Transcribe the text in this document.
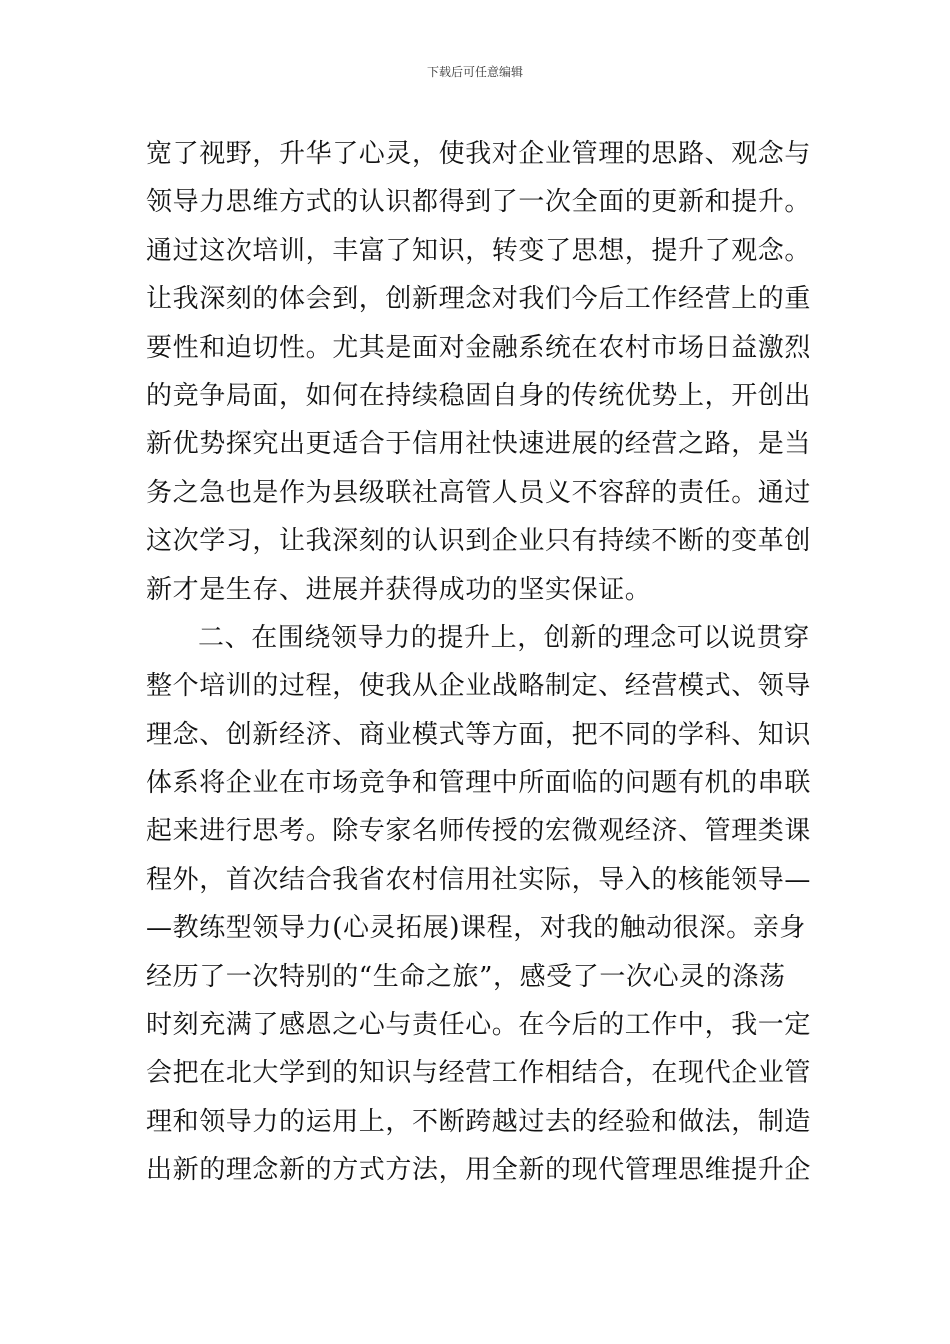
下载后可任意编辑
宽了视野，升华了心灵，使我对企业管理的思路、观念与
领导力思维方式的认识都得到了一次全面的更新和提升。
通过这次培训，丰富了知识，转变了思想，提升了观念。
让我深刻的体会到，创新理念对我们今后工作经营上的重
要性和迫切性。尤其是面对金融系统在农村市场日益激烈
的竞争局面，如何在持续稳固自身的传统优势上，开创出
新优势探究出更适合于信用社快速进展的经营之路，是当
务之急也是作为县级联社高管人员义不容辞的责任。通过
这次学习，让我深刻的认识到企业只有持续不断的变革创
新才是生存、进展并获得成功的坚实保证。
二、在围绕领导力的提升上，创新的理念可以说贯穿
整个培训的过程，使我从企业战略制定、经营模式、领导
理念、创新经济、商业模式等方面，把不同的学科、知识
体系将企业在市场竞争和管理中所面临的问题有机的串联
起来进行思考。除专家名师传授的宏微观经济、管理类课
程外，首次结合我省农村信用社实际，导入的核能领导—
—教练型领导力(心灵拓展)课程，对我的触动很深。亲身
经历了一次特别的“生命之旅”，感受了一次心灵的涤荡
时刻充满了感恩之心与责任心。在今后的工作中，我一定
会把在北大学到的知识与经营工作相结合，在现代企业管
理和领导力的运用上，不断跨越过去的经验和做法，制造
出新的理念新的方式方法，用全新的现代管理思维提升企
